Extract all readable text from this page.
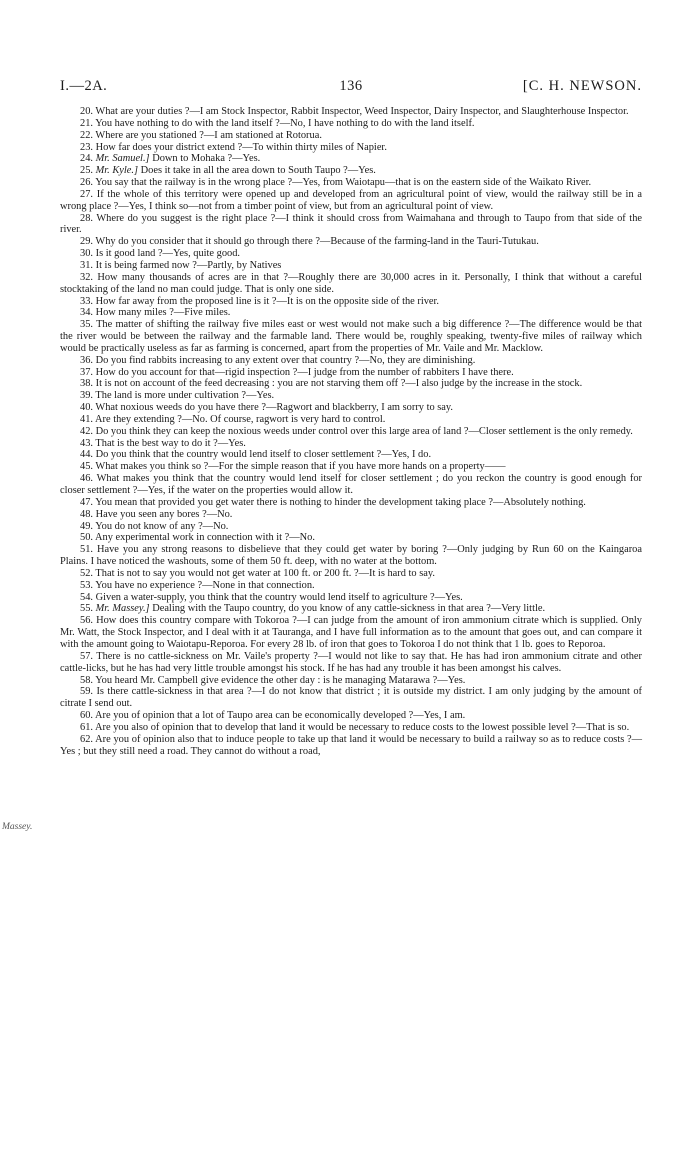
I.—2A.	136	[C. H. NEWSON.
Massey.

20. What are your duties ?—I am Stock Inspector, Rabbit Inspector, Weed Inspector, Dairy Inspector, and Slaughterhouse Inspector.

21. You have nothing to do with the land itself ?—No, I have nothing to do with the land itself.

22. Where are you stationed ?—I am stationed at Rotorua.

23. How far does your district extend ?—To within thirty miles of Napier.

24. Mr. Samuel.] Down to Mohaka ?—Yes.

25. Mr. Kyle.] Does it take in all the area down to South Taupo ?—Yes.

26. You say that the railway is in the wrong place ?—Yes, from Waiotapu—that is on the eastern side of the Waikato River.

27. If the whole of this territory were opened up and developed from an agricultural point of view, would the railway still be in a wrong place ?—Yes, I think so—not from a timber point of view, but from an agricultural point of view.

28. Where do you suggest is the right place ?—I think it should cross from Waimahana and through to Taupo from that side of the river.

29. Why do you consider that it should go through there ?—Because of the farming-land in the Tauri-Tutukau.

30. Is it good land ?—Yes, quite good.

31. It is being farmed now ?—Partly, by Natives

32. How many thousands of acres are in that ?—Roughly there are 30,000 acres in it. Personally, I think that without a careful stocktaking of the land no man could judge. That is only one side.

33. How far away from the proposed line is it ?—It is on the opposite side of the river.

34. How many miles ?—Five miles.

35. The matter of shifting the railway five miles east or west would not make such a big difference ?—The difference would be that the river would be between the railway and the farmable land. There would be, roughly speaking, twenty-five miles of railway which would be practically useless as far as farming is concerned, apart from the properties of Mr. Vaile and Mr. Macklow.

36. Do you find rabbits increasing to any extent over that country ?—No, they are diminishing.

37. How do you account for that—rigid inspection ?—I judge from the number of rabbiters I have there.

38. It is not on account of the feed decreasing : you are not starving them off ?—I also judge by the increase in the stock.

39. The land is more under cultivation ?—Yes.

40. What noxious weeds do you have there ?—Ragwort and blackberry, I am sorry to say.

41. Are they extending ?—No. Of course, ragwort is very hard to control.

42. Do you think they can keep the noxious weeds under control over this large area of land ?—Closer settlement is the only remedy.

43. That is the best way to do it ?—Yes.

44. Do you think that the country would lend itself to closer settlement ?—Yes, I do.

45. What makes you think so ?—For the simple reason that if you have more hands on a property——

46. What makes you think that the country would lend itself for closer settlement ; do you reckon the country is good enough for closer settlement ?—Yes, if the water on the properties would allow it.

47. You mean that provided you get water there is nothing to hinder the development taking place ?—Absolutely nothing.

48. Have you seen any bores ?—No.

49. You do not know of any ?—No.

50. Any experimental work in connection with it ?—No.

51. Have you any strong reasons to disbelieve that they could get water by boring ?—Only judging by Run 60 on the Kaingaroa Plains. I have noticed the washouts, some of them 50 ft. deep, with no water at the bottom.

52. That is not to say you would not get water at 100 ft. or 200 ft. ?—It is hard to say.

53. You have no experience ?—None in that connection.

54. Given a water-supply, you think that the country would lend itself to agriculture ?—Yes.

55. Mr. Massey.] Dealing with the Taupo country, do you know of any cattle-sickness in that area ?—Very little.

56. How does this country compare with Tokoroa ?—I can judge from the amount of iron ammonium citrate which is supplied. Only Mr. Watt, the Stock Inspector, and I deal with it at Tauranga, and I have full information as to the amount that goes out, and can compare it with the amount going to Waiotapu-Reporoa. For every 28 lb. of iron that goes to Tokoroa I do not think that 1 lb. goes to Reporoa.

57. There is no cattle-sickness on Mr. Vaile's property ?—I would not like to say that. He has had iron ammonium citrate and other cattle-licks, but he has had very little trouble amongst his stock. If he has had any trouble it has been amongst his calves.

58. You heard Mr. Campbell give evidence the other day : is he managing Matarawa ?—Yes.

59. Is there cattle-sickness in that area ?—I do not know that district ; it is outside my district. I am only judging by the amount of citrate I send out.

60. Are you of opinion that a lot of Taupo area can be economically developed ?—Yes, I am.

61. Are you also of opinion that to develop that land it would be necessary to reduce costs to the lowest possible level ?—That is so.

62. Are you of opinion also that to induce people to take up that land it would be necessary to build a railway so as to reduce costs ?—Yes ; but they still need a road. They cannot do without a road,
